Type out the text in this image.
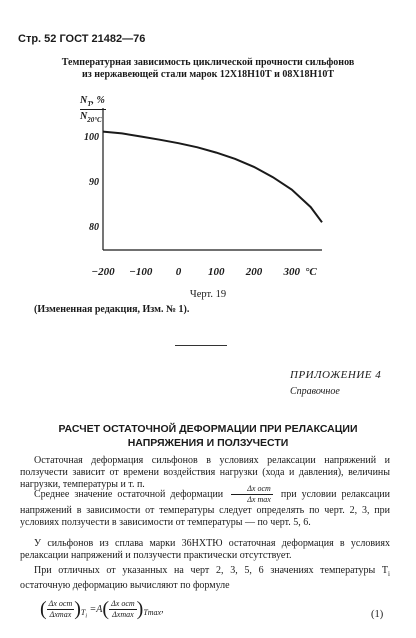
Стр. 52 ГОСТ 21482—76
Температурная зависимость циклической прочности сильфонов
из нержавеющей стали марок 12Х18Н10Т и 08Х18Н10Т
$N_T$, %
$N_{20^\circ C}$
100
90
80
−200	−100	0	100	200	300 °C
Черт. 19
(Измененная редакция, Изм. № 1).
ПРИЛОЖЕНИЕ 4
Справочное
РАСЧЕТ ОСТАТОЧНОЙ ДЕФОРМАЦИИ ПРИ РЕЛАКСАЦИИ
НАПРЯЖЕНИЯ И ПОЛЗУЧЕСТИ
Остаточная деформация сильфонов в условиях релаксации напряжений и ползучести зависит от времени воздействия нагрузки (хода и давления), величины нагрузки, температуры и т. п.
Среднее значение остаточной деформации $\frac{\text{Δx ост}}{\text{Δx max}}$ при условии релаксации напряжений в зависимости от температуры следует определять по черт. 2, 3, при условиях ползучести в зависимости от температуры — по черт. 5, 6.
У сильфонов из сплава марки 36НХТЮ остаточная деформация в условиях релаксации напряжений и ползучести практически отсутствует.
При отличных от указанных на черт 2, 3, 5, 6 значениях температуры $T_i$ остаточную деформацию вычисляют по формуле
( $\frac{\text{Δx ост}}{\Delta xmax} )_{T_i} =A( \frac{\text{Δx ост}}{\Delta xmax} )_{Tmax}$,	(1)
